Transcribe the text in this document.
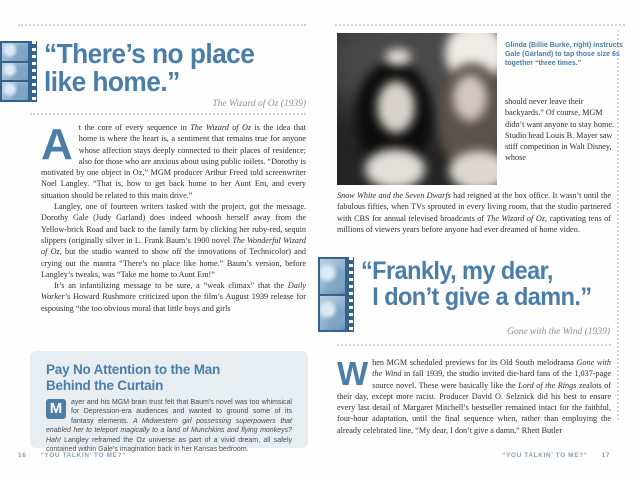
“There’s no place
like home.”
The Wizard of Oz (1939)

At the core of every sequence in The Wizard of Oz is the idea that home is where the heart is, a sentiment that remains true for anyone whose affection stays deeply connected to their places of residence; also for those who are anxious about using public toilets. “Dorothy is motivated by one object in Oz,” MGM producer Arthur Freed told screenwriter Noel Langley. “That is, how to get back home to her Aunt Em, and every situation should be related to this main drive.”

Langley, one of fourteen writers tasked with the project, got the message. Dorothy Gale (Judy Garland) does indeed whoosh herself away from the Yellow-brick Road and back to the family farm by clicking her ruby-red, sequin slippers (originally silver in L. Frank Baum’s 1900 novel The Wonderful Wizard of Oz, but the studio wanted to show off the innovations of Technicolor) and crying out the mantra “There’s no place like home.” Baum’s version, before Langley’s tweaks, was “Take me home to Aunt Em!”

It’s an infantilizing message to be sure, a “weak climax” that the Daily Worker’s Howard Rushmore criticized upon the film’s August 1939 release for espousing “the too obvious moral that little boys and girls

Pay No Attention to the Man
Behind the Curtain
M	ayer and his MGM brain trust felt that Baum’s novel was too whimsical for Depression-era audiences and wanted to ground some of its fantasy elements. A Midwestern girl possessing superpowers that enabled her to teleport magically to a land of Munchkins and flying monkeys? Hah! Langley reframed the Oz universe as part of a vivid dream, all safely contained within Gale’s imagination back in her Kansas bedroom.
16 “YOU TALKIN’ TO ME?”
Glinda (Billie Burke, right) instructs Gale (Garland) to tap those size 6s together “three times.”

should never leave their backyards.” Of course, MGM didn’t want anyone to stay home. Studio head Louis B. Mayer saw stiff competition in Walt Disney, whose

Snow White and the Seven Dwarfs had reigned at the box office. It wasn’t until the fabulous fifties, when TVs sprouted in every living room, that the studio partnered with CBS for annual televised broadcasts of The Wizard of Oz, captivating tens of millions of viewers years before anyone had ever dreamed of home video.

“Frankly, my dear,
I don’t give a damn.”
Gone with the Wind (1939)

When MGM scheduled previews for its Old South melodrama Gone with the Wind in fall 1939, the studio invited die-hard fans of the 1,037-page source novel. These were basically like the Lord of the Rings zealots of their day, except more racist. Producer David O. Selznick did his best to ensure every last detail of Margaret Mitchell’s bestseller remained intact for the faithful, four-hour adaptation, until the final sequence when, rather than employing the already celebrated line, “My dear, I don’t give a damn,” Rhett Butler

“YOU TALKIN’ TO ME?” 17
